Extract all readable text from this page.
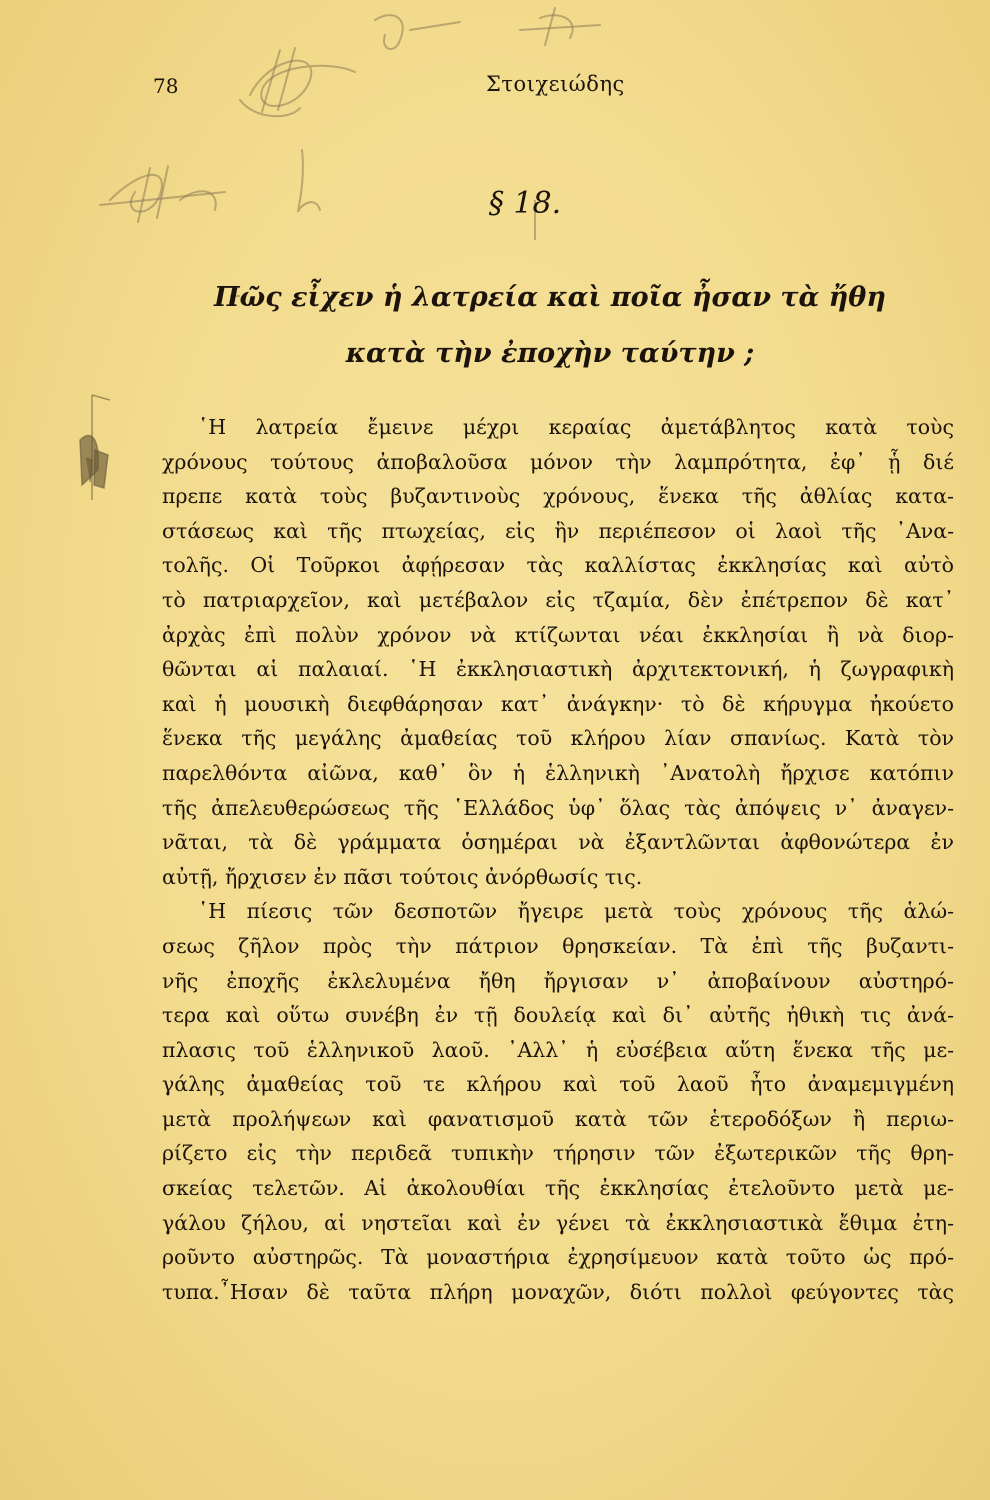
78	Στοιχειώδης
§ 18.
Πῶς εἶχεν ἡ λατρεία καὶ ποῖα ἦσαν τὰ ἤθη
κατὰ τὴν ἐποχὴν ταύτην ;
῾Η λατρεία ἔμεινε μέχρι κεραίας ἀμετάβλητος κατὰ τοὺς
χρόνους τούτους ἀποβαλοῦσα μόνον τὴν λαμπρότητα, ἐφ᾽ ᾗ διέ
πρεπε κατὰ τοὺς βυζαντινοὺς χρόνους, ἕνεκα τῆς ἀθλίας κατα-
στάσεως καὶ τῆς πτωχείας, εἰς ἣν περιέπεσον οἱ λαοὶ τῆς ᾿Ανα-
τολῆς. Οἱ Τοῦρκοι ἀφῄρεσαν τὰς καλλίστας ἐκκλησίας καὶ αὐτὸ
τὸ πατριαρχεῖον, καὶ μετέβαλον εἰς τζαμία, δὲν ἐπέτρεπον δὲ κατ᾽
ἀρχὰς ἐπὶ πολὺν χρόνον νὰ κτίζωνται νέαι ἐκκλησίαι ἢ νὰ διορ-
θῶνται αἱ παλαιαί. ῾Η ἐκκλησιαστικὴ ἀρχιτεκτονική, ἡ ζωγραφικὴ
καὶ ἡ μουσικὴ διεφθάρησαν κατ᾽ ἀνάγκην· τὸ δὲ κήρυγμα ἠκούετο
ἕνεκα τῆς μεγάλης ἀμαθείας τοῦ κλήρου λίαν σπανίως. Κατὰ τὸν
παρελθόντα αἰῶνα, καθ᾽ ὃν ἡ ἑλληνικὴ ᾿Ανατολὴ ἤρχισε κατόπιν
τῆς ἀπελευθερώσεως τῆς ῾Ελλάδος ὑφ᾽ ὅλας τὰς ἀπόψεις ν᾽ ἀναγεν-
νᾶται, τὰ δὲ γράμματα ὁσημέραι νὰ ἐξαντλῶνται ἀφθονώτερα ἐν
αὐτῇ, ἤρχισεν ἐν πᾶσι τούτοις ἀνόρθωσίς τις.
῾Η πίεσις τῶν δεσποτῶν ἤγειρε μετὰ τοὺς χρόνους τῆς ἁλώ-
σεως ζῆλον πρὸς τὴν πάτριον θρησκείαν. Τὰ ἐπὶ τῆς βυζαντι-
νῆς ἐποχῆς ἐκλελυμένα ἤθη ἤργισαν ν᾽ ἀποβαίνουν αὐστηρό-
τερα καὶ οὕτω συνέβη ἐν τῇ δουλείᾳ καὶ δι᾽ αὐτῆς ἠθικὴ τις ἀνά-
πλασις τοῦ ἑλληνικοῦ λαοῦ. ᾿Αλλ᾽ ἡ εὐσέβεια αὕτη ἕνεκα τῆς με-
γάλης ἀμαθείας τοῦ τε κλήρου καὶ τοῦ λαοῦ ἦτο ἀναμεμιγμένη
μετὰ προλήψεων καὶ φανατισμοῦ κατὰ τῶν ἑτεροδόξων ἢ περιω-
ρίζετο εἰς τὴν περιδεᾶ τυπικὴν τήρησιν τῶν ἐξωτερικῶν τῆς θρη-
σκείας τελετῶν. Αἱ ἀκολουθίαι τῆς ἐκκλησίας ἐτελοῦντο μετὰ με-
γάλου ζήλου, αἱ νηστεῖαι καὶ ἐν γένει τὰ ἐκκλησιαστικὰ ἔθιμα ἐτη-
ροῦντο αὐστηρῶς. Τὰ μοναστήρια ἐχρησίμευον κατὰ τοῦτο ὡς πρό-
τυπα.῏Ησαν δὲ ταῦτα πλήρη μοναχῶν, διότι πολλοὶ φεύγοντες τὰς
